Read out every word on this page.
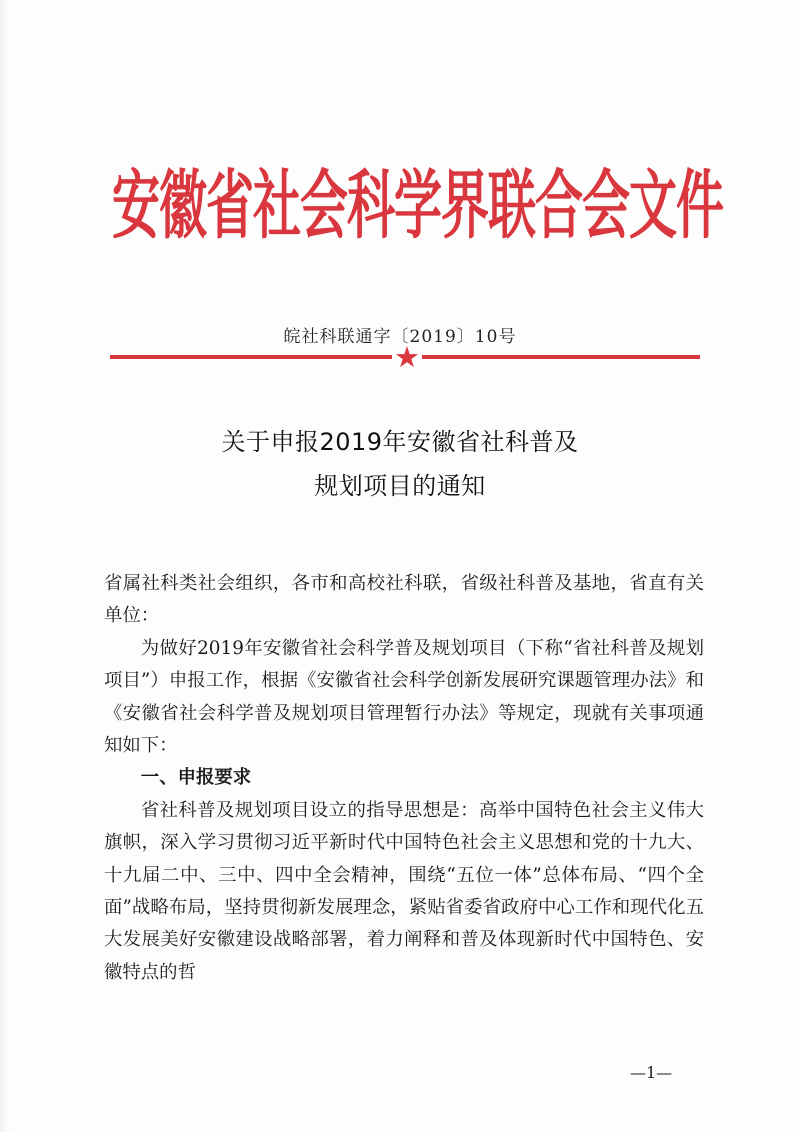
安徽省社会科学界联合会文件
皖社科联通字〔2019〕10号
★
关于申报2019年安徽省社科普及
规划项目的通知

省属社科类社会组织，各市和高校社科联，省级社科普及基地，省直有关单位：

为做好2019年安徽省社会科学普及规划项目（下称“省社科普及规划项目”）申报工作，根据《安徽省社会科学创新发展研究课题管理办法》和《安徽省社会科学普及规划项目管理暂行办法》等规定，现就有关事项通知如下：

一、申报要求

省社科普及规划项目设立的指导思想是：高举中国特色社会主义伟大旗帜，深入学习贯彻习近平新时代中国特色社会主义思想和党的十九大、十九届二中、三中、四中全会精神，围绕“五位一体”总体布局、“四个全面”战略布局，坚持贯彻新发展理念，紧贴省委省政府中心工作和现代化五大发展美好安徽建设战略部署，着力阐释和普及体现新时代中国特色、安徽特点的哲

—1—
